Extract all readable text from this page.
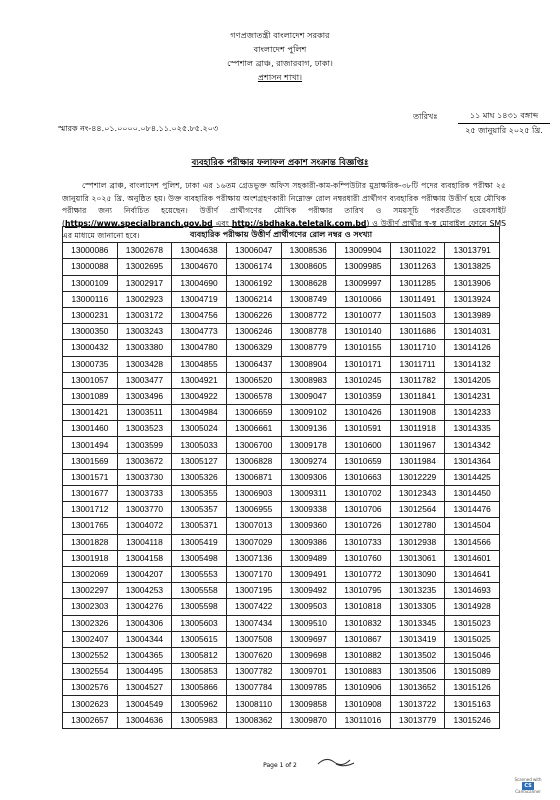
গণপ্রজাতন্ত্রী বাংলাদেশ সরকার
বাংলাদেশ পুলিশ
স্পেশাল ব্রাঞ্চ, রাজারবাগ, ঢাকা।
প্রশাসন শাখা।
স্মারক নং-৪৪.০১.০০০০.০৮৪.১১.০২৫.৮৫.২০৩
তারিখঃ	১১ মাঘ ১৪৩১ বঙ্গাব্দ
২৫ জানুয়ারি ২০২৫ খ্রি.
ব্যবহারিক পরীক্ষার ফলাফল প্রকাশ সংক্রান্ত বিজ্ঞপ্তিঃ
স্পেশাল ব্রাঞ্চ, বাংলাদেশ পুলিশ, ঢাকা এর ১৬তম গ্রেডভুক্ত অফিস সহকারী-কাম-কম্পিউটার মুদ্রাক্ষরিক-৩৮টি পদের ব্যবহারিক পরীক্ষা ২৫ জানুয়ারি ২০২৫ খ্রি. অনুষ্ঠিত হয়। উক্ত ব্যবহারিক পরীক্ষায় অংশগ্রহণকারী নিম্নোক্ত রোল নম্বরধারী প্রার্থীগণ ব্যবহারিক পরীক্ষায় উত্তীর্ণ হয়ে মৌখিক পরীক্ষার জন্য নির্বাচিত হয়েছেন। উত্তীর্ণ প্রার্থীগণের মৌখিক পরীক্ষার তারিখ ও সময়সূচি পরবর্তীতে ওয়েবসাইট (https://www.specialbranch.gov.bd এবং http://sbdhaka.teletalk.com.bd) ও উত্তীর্ণ প্রার্থীর স্ব-স্ব মোবাইল ফোনে SMS এর মাধ্যমে জানানো হবে।	ব্যবহারিক পরীক্ষায় উত্তীর্ণ প্রার্থীগণের রোল নম্বর ও সংখ্যা							
13000086	13002678	13004638	13006047	13008536	13009904	13011022	13013791
13000088	13002695	13004670	13006174	13008605	13009985	13011263	13013825
13000109	13002917	13004690	13006192	13008628	13009997	13011285	13013906
13000116	13002923	13004719	13006214	13008749	13010066	13011491	13013924
13000231	13003172	13004756	13006226	13008772	13010077	13011503	13013989
13000350	13003243	13004773	13006246	13008778	13010140	13011686	13014031
13000432	13003380	13004780	13006329	13008779	13010155	13011710	13014126
13000735	13003428	13004855	13006437	13008904	13010171	13011711	13014132
13001057	13003477	13004921	13006520	13008983	13010245	13011782	13014205
13001089	13003496	13004922	13006578	13009047	13010359	13011841	13014231
13001421	13003511	13004984	13006659	13009102	13010426	13011908	13014233
13001460	13003523	13005024	13006661	13009136	13010591	13011918	13014335
13001494	13003599	13005033	13006700	13009178	13010600	13011967	13014342
13001569	13003672	13005127	13006828	13009274	13010659	13011984	13014364
13001571	13003730	13005326	13006871	13009306	13010663	13012229	13014425
13001677	13003733	13005355	13006903	13009311	13010702	13012343	13014450
13001712	13003770	13005357	13006955	13009338	13010706	13012564	13014476
13001765	13004072	13005371	13007013	13009360	13010726	13012780	13014504
13001828	13004118	13005419	13007029	13009386	13010733	13012938	13014566
13001918	13004158	13005498	13007136	13009489	13010760	13013061	13014601
13002069	13004207	13005553	13007170	13009491	13010772	13013090	13014641
13002297	13004253	13005558	13007195	13009492	13010795	13013235	13014693
13002303	13004276	13005598	13007422	13009503	13010818	13013305	13014928
13002326	13004306	13005603	13007434	13009510	13010832	13013345	13015023
13002407	13004344	13005615	13007508	13009697	13010867	13013419	13015025
13002552	13004365	13005812	13007620	13009698	13010882	13013502	13015046
13002554	13004495	13005853	13007782	13009701	13010883	13013506	13015089
13002576	13004527	13005866	13007784	13009785	13010906	13013652	13015126
13002623	13004549	13005962	13008110	13009858	13010908	13013722	13015163
13002657	13004636	13005983	13008362	13009870	13011016	13013779	13015246
Page 1 of 2
Scanned with
CS
CamScanner
